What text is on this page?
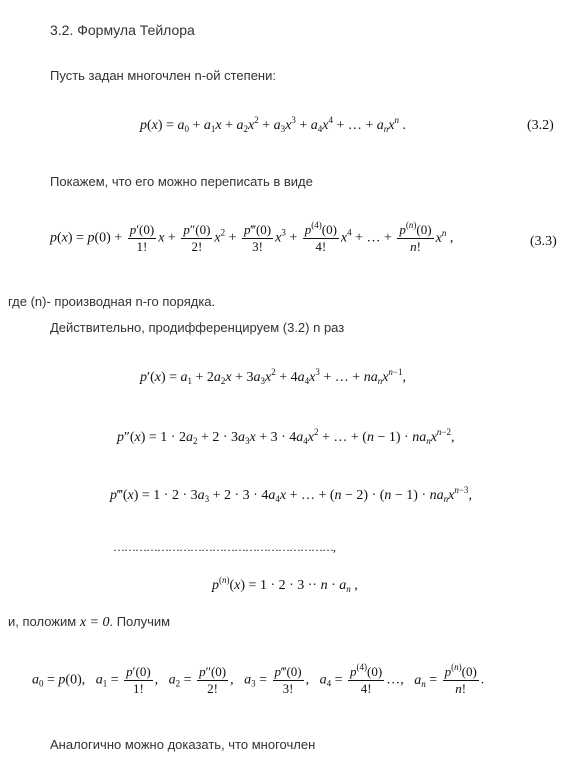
3.2. Формула Тейлора
Пусть задан многочлен n-ой степени:
$p(x) = a_0 + a_1x + a_2x^2 + a_3x^3 + a_4x^4$ + … + $a_nx^n$ .	(3.2)
Покажем, что его можно переписать в виде
$p(x) = p(0) + \frac{p'(0)}{1!}$ $x + \frac{p''(0)}{2!} x^2 + \frac{p‴(0)}{3!} x^3 + \frac{p^{(4)}(0)}{4!} x^4$ + … + $\frac{p^{(n)}(0)}{n!} x^n$ ,	(3.3)
где (n)- производная n-го порядка.
Действительно, продифференцируем (3.2) n раз
$p'(x) = a_1 + 2a_2x + 3a_3x^2 + 4a_4x^3$ + … + $na_nx^{n-1}$,
$p''(x) = 1 \cdot 2a_2 + 2 \cdot 3a_3x + 3 \cdot 4a_4x^2$ + … + $(n - 1) \cdot na_nx^{n-2}$,
p‴(x) = $1 \cdot 2 \cdot 3a_3 + 2 \cdot 3 \cdot 4a_4x$ + … + $(n - 2) \cdot (n - 1) \cdot na_nx^{n-3}$,
……………………………………………………,
$p^{(n)}(x) = 1 \cdot 2 \cdot 3 \cdot\cdot n \cdot a_n$ ,
и, положим x = 0. Получим
$a_0 = p(0)$,   $a_1 = \frac{p'(0)}{1!}$ ,   $a_2 = \frac{p''(0)}{2!}$ ,   $a_3 = \frac{p‴(0)}{3!}$ ,   $a_4 = \frac{p^{(4)}(0)}{4!}$ …,   $a_n = \frac{p^{(n)}(0)}{n!}$ .
Аналогично можно доказать, что многочлен
